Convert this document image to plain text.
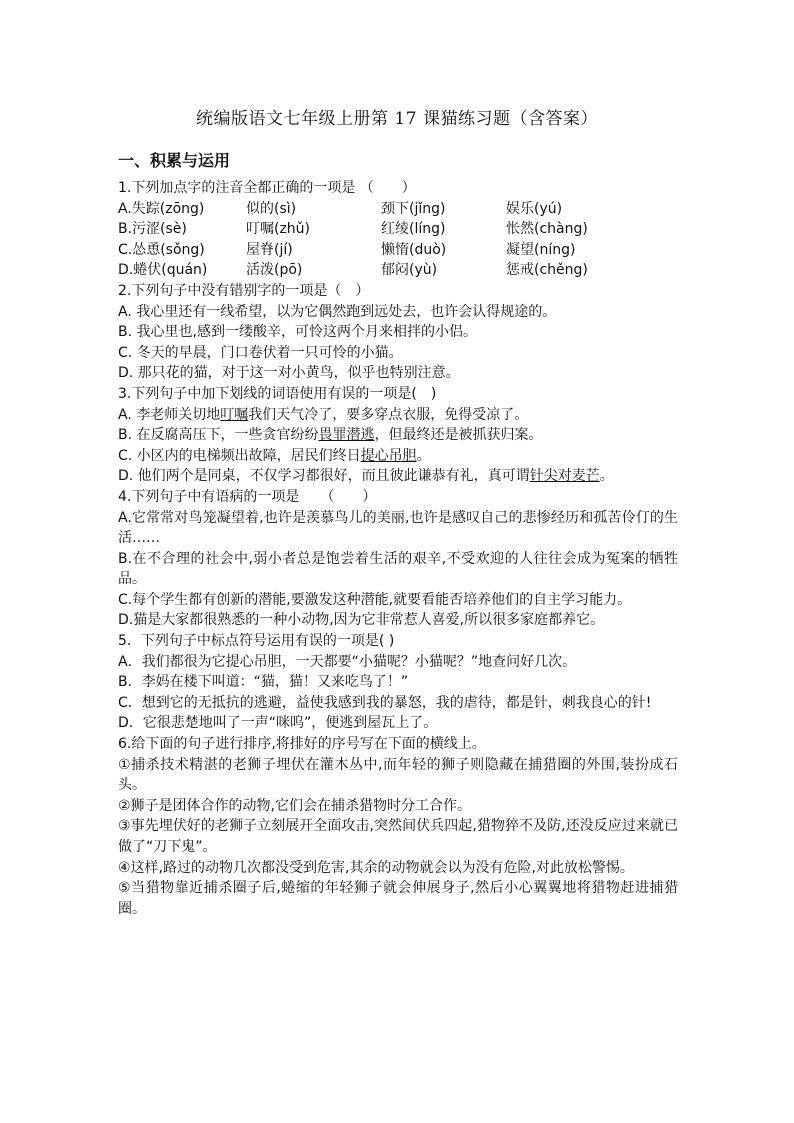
统编版语文七年级上册第 17 课猫练习题（含答案）
一、积累与运用
1.下列加点字的注音全都正确的一项是 （　　）
A.失踪(zōng)	似的(sì)	颈下(jǐng)	娱乐(yú)
B.污涩(sè)	叮嘱(zhǔ)	红绫(líng)	怅然(chàng)
C.怂恿(sǒng)	屋脊(jí)	懒惰(duò)	凝望(níng)
D.蜷伏(quán)	活泼(pō)	郁闷(yù)	惩戒(chěng)
2.下列句子中没有错别字的一项是（　）
A. 我心里还有一线希望，以为它偶然跑到远处去，也许会认得规途的。
B. 我心里也,感到一缕酸辛，可怜这两个月来相拌的小侣。
C. 冬天的早晨，门口卷伏着一只可怜的小猫。
D. 那只花的猫，对于这一对小黄鸟，似乎也特别注意。
3.下列句子中加下划线的词语使用有误的一项是(　)
A. 李老师关切地叮嘱我们天气冷了，要多穿点衣服，免得受凉了。
B. 在反腐高压下，一些贪官纷纷畏罪潜逃，但最终还是被抓获归案。
C. 小区内的电梯频出故障，居民们终日提心吊胆。
D. 他们两个是同桌，不仅学习都很好，而且彼此谦恭有礼，真可谓针尖对麦芒。
4.下列句子中有语病的一项是　　（　　）
A.它常常对鸟笼凝望着,也许是羡慕鸟儿的美丽,也许是感叹自己的悲惨经历和孤苦伶仃的生活……
B.在不合理的社会中,弱小者总是饱尝着生活的艰辛,不受欢迎的人往往会成为冤案的牺牲品。
C.每个学生都有创新的潜能,要激发这种潜能,就要看能否培养他们的自主学习能力。
D.猫是大家都很熟悉的一种小动物,因为它非常惹人喜爱,所以很多家庭都养它。
5．下列句子中标点符号运用有误的一项是( )
A．我们都很为它提心吊胆，一天都要“小猫呢？小猫呢？”地查问好几次。
B．李妈在楼下叫道：“猫，猫！又来吃鸟了！”
C．想到它的无抵抗的逃避，益使我感到我的暴怒，我的虐待，都是针，刺我良心的针!
D．它很悲楚地叫了一声“咪呜”，便逃到屋瓦上了。
6.给下面的句子进行排序,将排好的序号写在下面的横线上。
①捕杀技术精湛的老狮子埋伏在灌木丛中,而年轻的狮子则隐藏在捕猎圈的外围,装扮成石头。
②狮子是团体合作的动物,它们会在捕杀猎物时分工合作。
③事先埋伏好的老狮子立刻展开全面攻击,突然间伏兵四起,猎物猝不及防,还没反应过来就已做了“刀下鬼”。
④这样,路过的动物几次都没受到危害,其余的动物就会以为没有危险,对此放松警惕。
⑤当猎物靠近捕杀圈子后,蜷缩的年轻狮子就会伸展身子,然后小心翼翼地将猎物赶进捕猎圈。
